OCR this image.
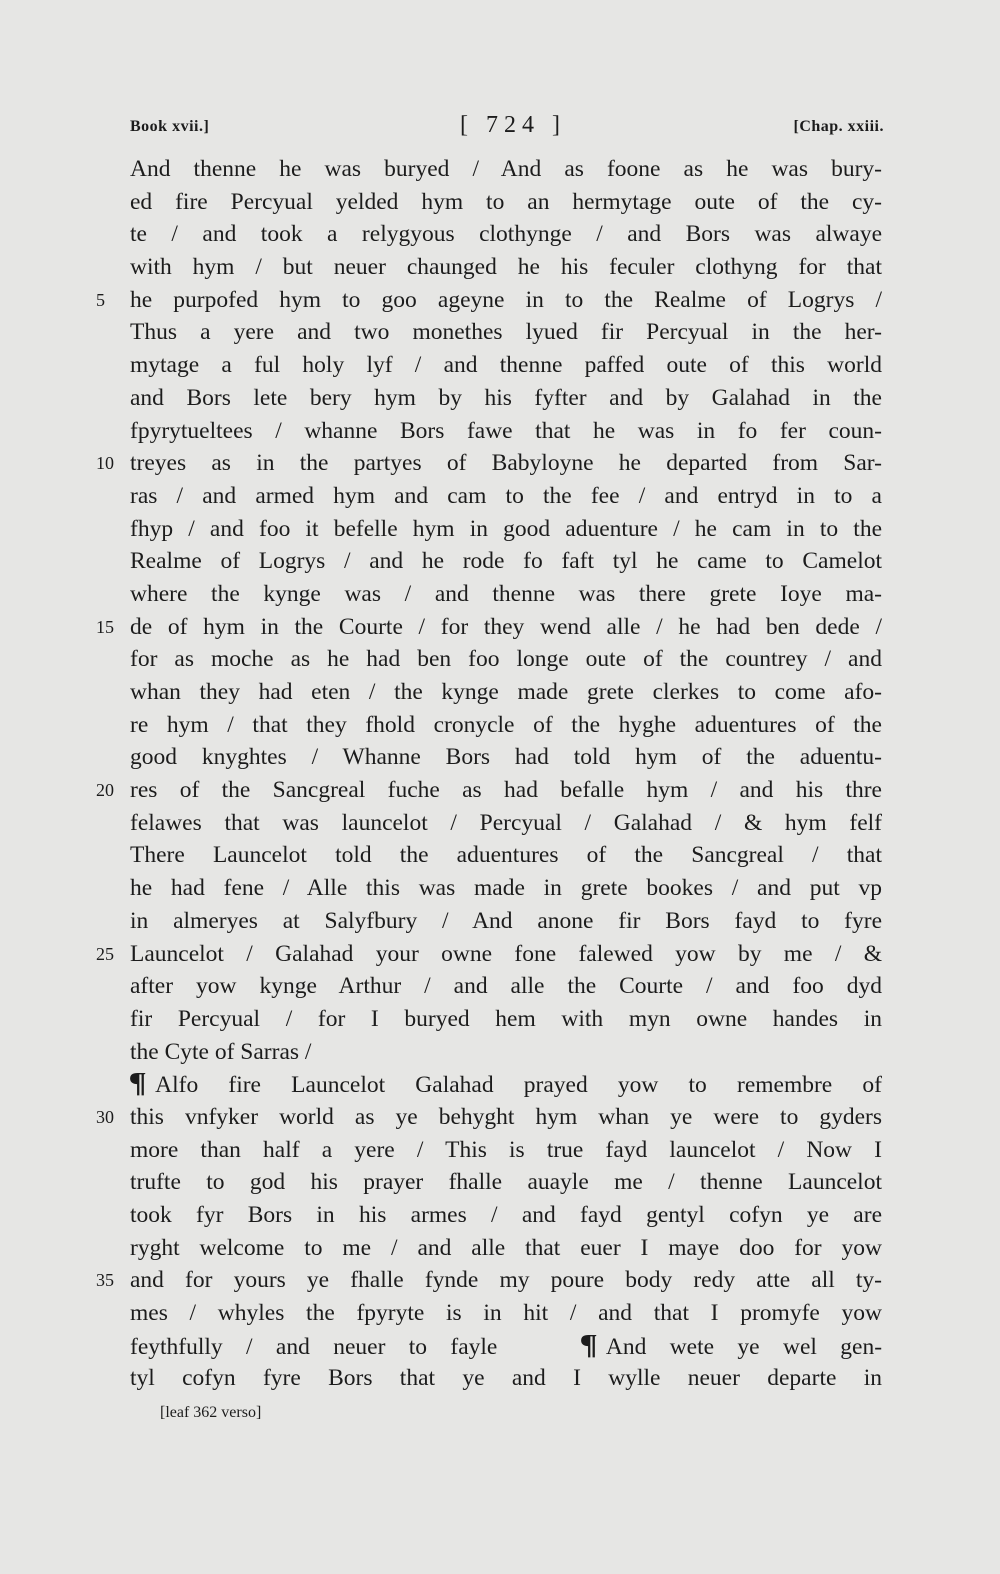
Book xvii.]	[ 724 ]	[Chap. xxiii.
And thenne he was buryed / And as foone as he was bury-
ed fire Percyual yelded hym to an hermytage oute of the cy-
te / and took a relygyous clothynge / and Bors was alwaye
with hym / but neuer chaunged he his feculer clothyng for that
5	he purpofed hym to goo ageyne in to the Realme of Logrys /
Thus a yere and two monethes lyued fir Percyual in the her-
mytage a ful holy lyf / and thenne paffed oute of this world
and Bors lete bery hym by his fyfter and by Galahad in the
fpyrytueltees / whanne Bors fawe that he was in fo fer coun-
10 treyes as in the partyes of Babyloyne he departed from Sar-
ras / and armed hym and cam to the fee / and entryd in to a
fhyp / and foo it befelle hym in good aduenture / he cam in to the
Realme of Logrys / and he rode fo faft tyl he came to Camelot
where the kynge was / and thenne was there grete Ioye ma-
15 de of hym in the Courte / for they wend alle / he had ben dede /
for as moche as he had ben foo longe oute of the countrey / and
whan they had eten / the kynge made grete clerkes to come afo-
re hym / that they fhold cronycle of the hyghe aduentures of the
good knyghtes / Whanne Bors had told hym of the aduentu-
20 res of the Sancgreal fuche as had befalle hym / and his thre
felawes that was launcelot / Percyual / Galahad / & hym felf
There Launcelot told the aduentures of the Sancgreal / that
he had fene / Alle this was made in grete bookes / and put vp
in almeryes at Salyfbury / And anone fir Bors fayd to fyre
25 Launcelot / Galahad your owne fone falewed yow by me / &
after yow kynge Arthur / and alle the Courte / and foo dyd
fir Percyual / for I buryed hem with myn owne handes in
the Cyte of Sarras /
¶ Alfo fire Launcelot Galahad prayed yow to remembre of
30 this vnfyker world as ye behyght hym whan ye were to gyders
more than half a yere / This is true fayd launcelot / Now I
trufte to god his prayer fhalle auayle me / thenne Launcelot
took fyr Bors in his armes / and fayd gentyl cofyn ye are
ryght welcome to me / and alle that euer I maye doo for yow
35 and for yours ye fhalle fynde my poure body redy atte all ty-
mes / whyles the fpyryte is in hit / and that I promyfe yow
feythfully / and neuer to fayle	¶ And wete ye wel gen-
tyl cofyn fyre Bors that ye and I wylle neuer departe in
[leaf 362 verso]
